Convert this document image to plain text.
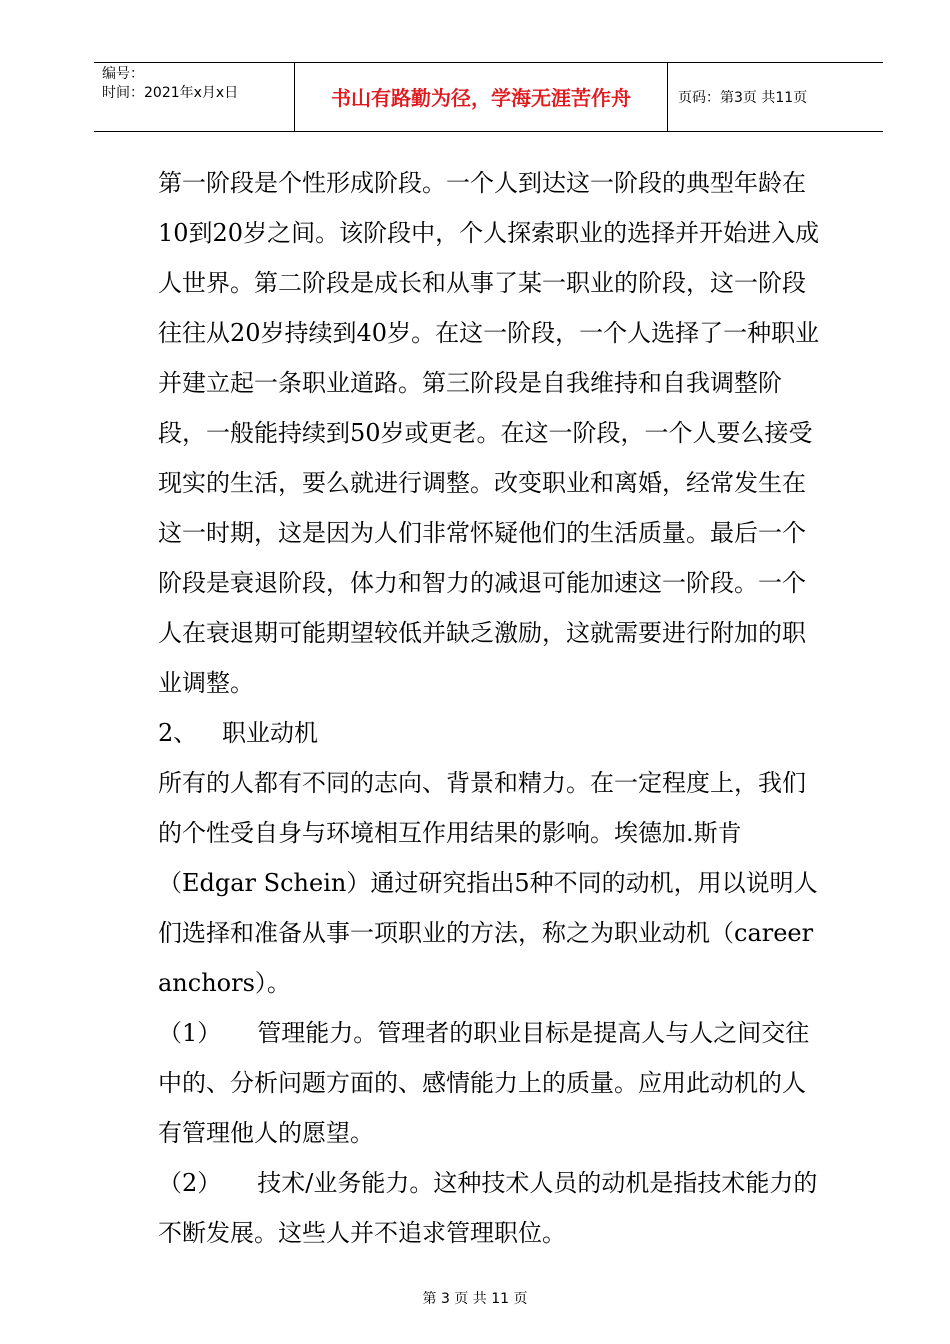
编号：
时间：2021年x月x日	书山有路勤为径，学海无涯苦作舟	页码：第3页 共11页

第一阶段是个性形成阶段。一个人到达这一阶段的典型年龄在10到20岁之间。该阶段中，个人探索职业的选择并开始进入成人世界。第二阶段是成长和从事了某一职业的阶段，这一阶段往往从20岁持续到40岁。在这一阶段，一个人选择了一种职业并建立起一条职业道路。第三阶段是自我维持和自我调整阶段，一般能持续到50岁或更老。在这一阶段，一个人要么接受现实的生活，要么就进行调整。改变职业和离婚，经常发生在这一时期，这是因为人们非常怀疑他们的生活质量。最后一个阶段是衰退阶段，体力和智力的减退可能加速这一阶段。一个人在衰退期可能期望较低并缺乏激励，这就需要进行附加的职业调整。

2、 职业动机

所有的人都有不同的志向、背景和精力。在一定程度上，我们的个性受自身与环境相互作用结果的影响。埃德加.斯肯（Edgar Schein）通过研究指出5种不同的动机，用以说明人们选择和准备从事一项职业的方法，称之为职业动机（career anchors）。

（1） 管理能力。管理者的职业目标是提高人与人之间交往中的、分析问题方面的、感情能力上的质量。应用此动机的人有管理他人的愿望。

（2） 技术/业务能力。这种技术人员的动机是指技术能力的不断发展。这些人并不追求管理职位。

第 3 页 共 11 页
